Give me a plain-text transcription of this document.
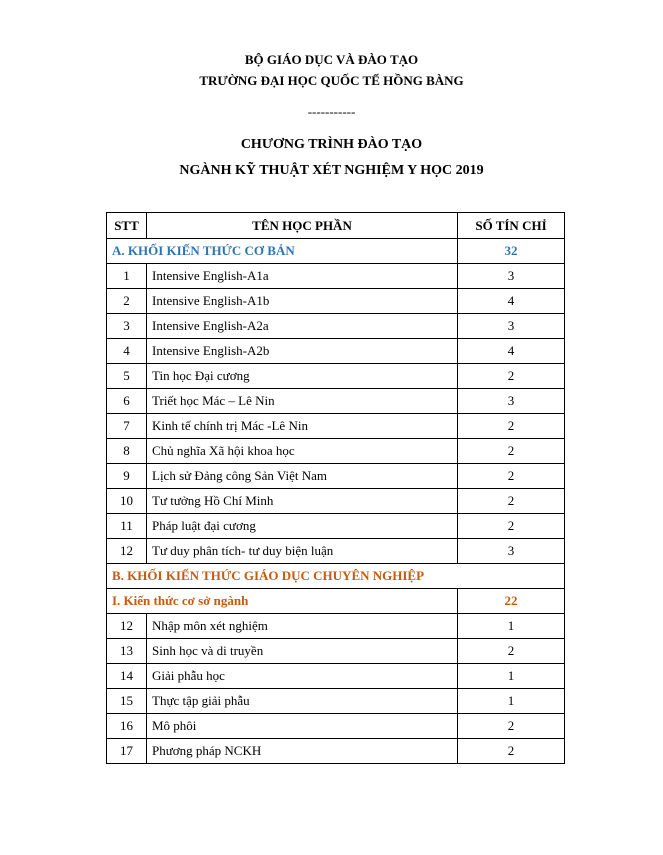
BỘ GIÁO DỤC VÀ ĐÀO TẠO

TRƯỜNG ĐẠI HỌC QUỐC TẾ HỒNG BÀNG

-----------

CHƯƠNG TRÌNH ĐÀO TẠO

NGÀNH KỸ THUẬT XÉT NGHIỆM Y HỌC 2019

STT	TÊN HỌC PHẦN	SỐ TÍN CHỈ
A. KHỐI KIẾN THỨC CƠ BẢN		32
1	Intensive English-A1a	3
2	Intensive English-A1b	4
3	Intensive English-A2a	3
4	Intensive English-A2b	4
5	Tin học Đại cương	2
6	Triết học Mác – Lê Nin	3
7	Kinh tế chính trị Mác -Lê Nin	2
8	Chủ nghĩa Xã hội khoa học	2
9	Lịch sử Đảng công Sản Việt Nam	2
10	Tư tưởng Hồ Chí Minh	2
11	Pháp luật đại cương	2
12	Tư duy phân tích- tư duy biện luận	3
B. KHỐI KIẾN THỨC GIÁO DỤC CHUYÊN NGHIỆP		
I. Kiến thức cơ sở ngành		22
12	Nhập môn xét nghiệm	1
13	Sinh học và di truyền	2
14	Giải phẫu học	1
15	Thực tập giải phẫu	1
16	Mô phôi	2
17	Phương pháp NCKH	2
